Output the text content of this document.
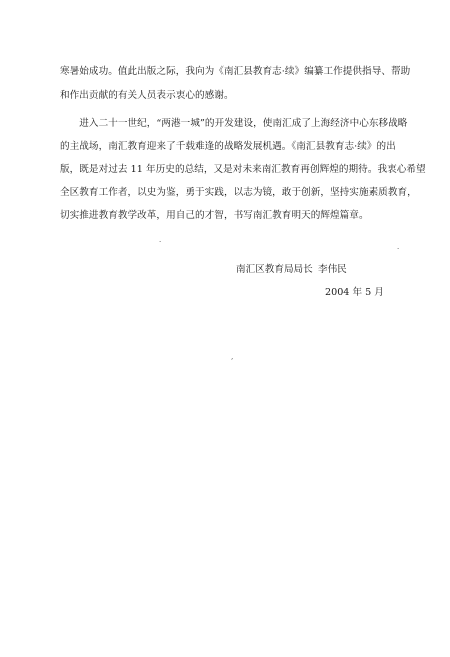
寒暑始成功。值此出版之际，我向为《南汇县教育志·续》编纂工作提供指导、帮助
和作出贡献的有关人员表示衷心的感谢。
　　进入二十一世纪，“两港一城”的开发建设，使南汇成了上海经济中心东移战略
的主战场，南汇教育迎来了千载难逢的战略发展机遇。《南汇县教育志·续》的出
版，既是对过去 11 年历史的总结，又是对未来南汇教育再创辉煌的期待。我衷心希望
全区教育工作者，以史为鉴，勇于实践，以志为镜，敢于创新，坚持实施素质教育，
切实推进教育教学改革，用自己的才智，书写南汇教育明天的辉煌篇章。
南汇区教育局局长 李伟民
2004 年 5 月
·
·
‚
